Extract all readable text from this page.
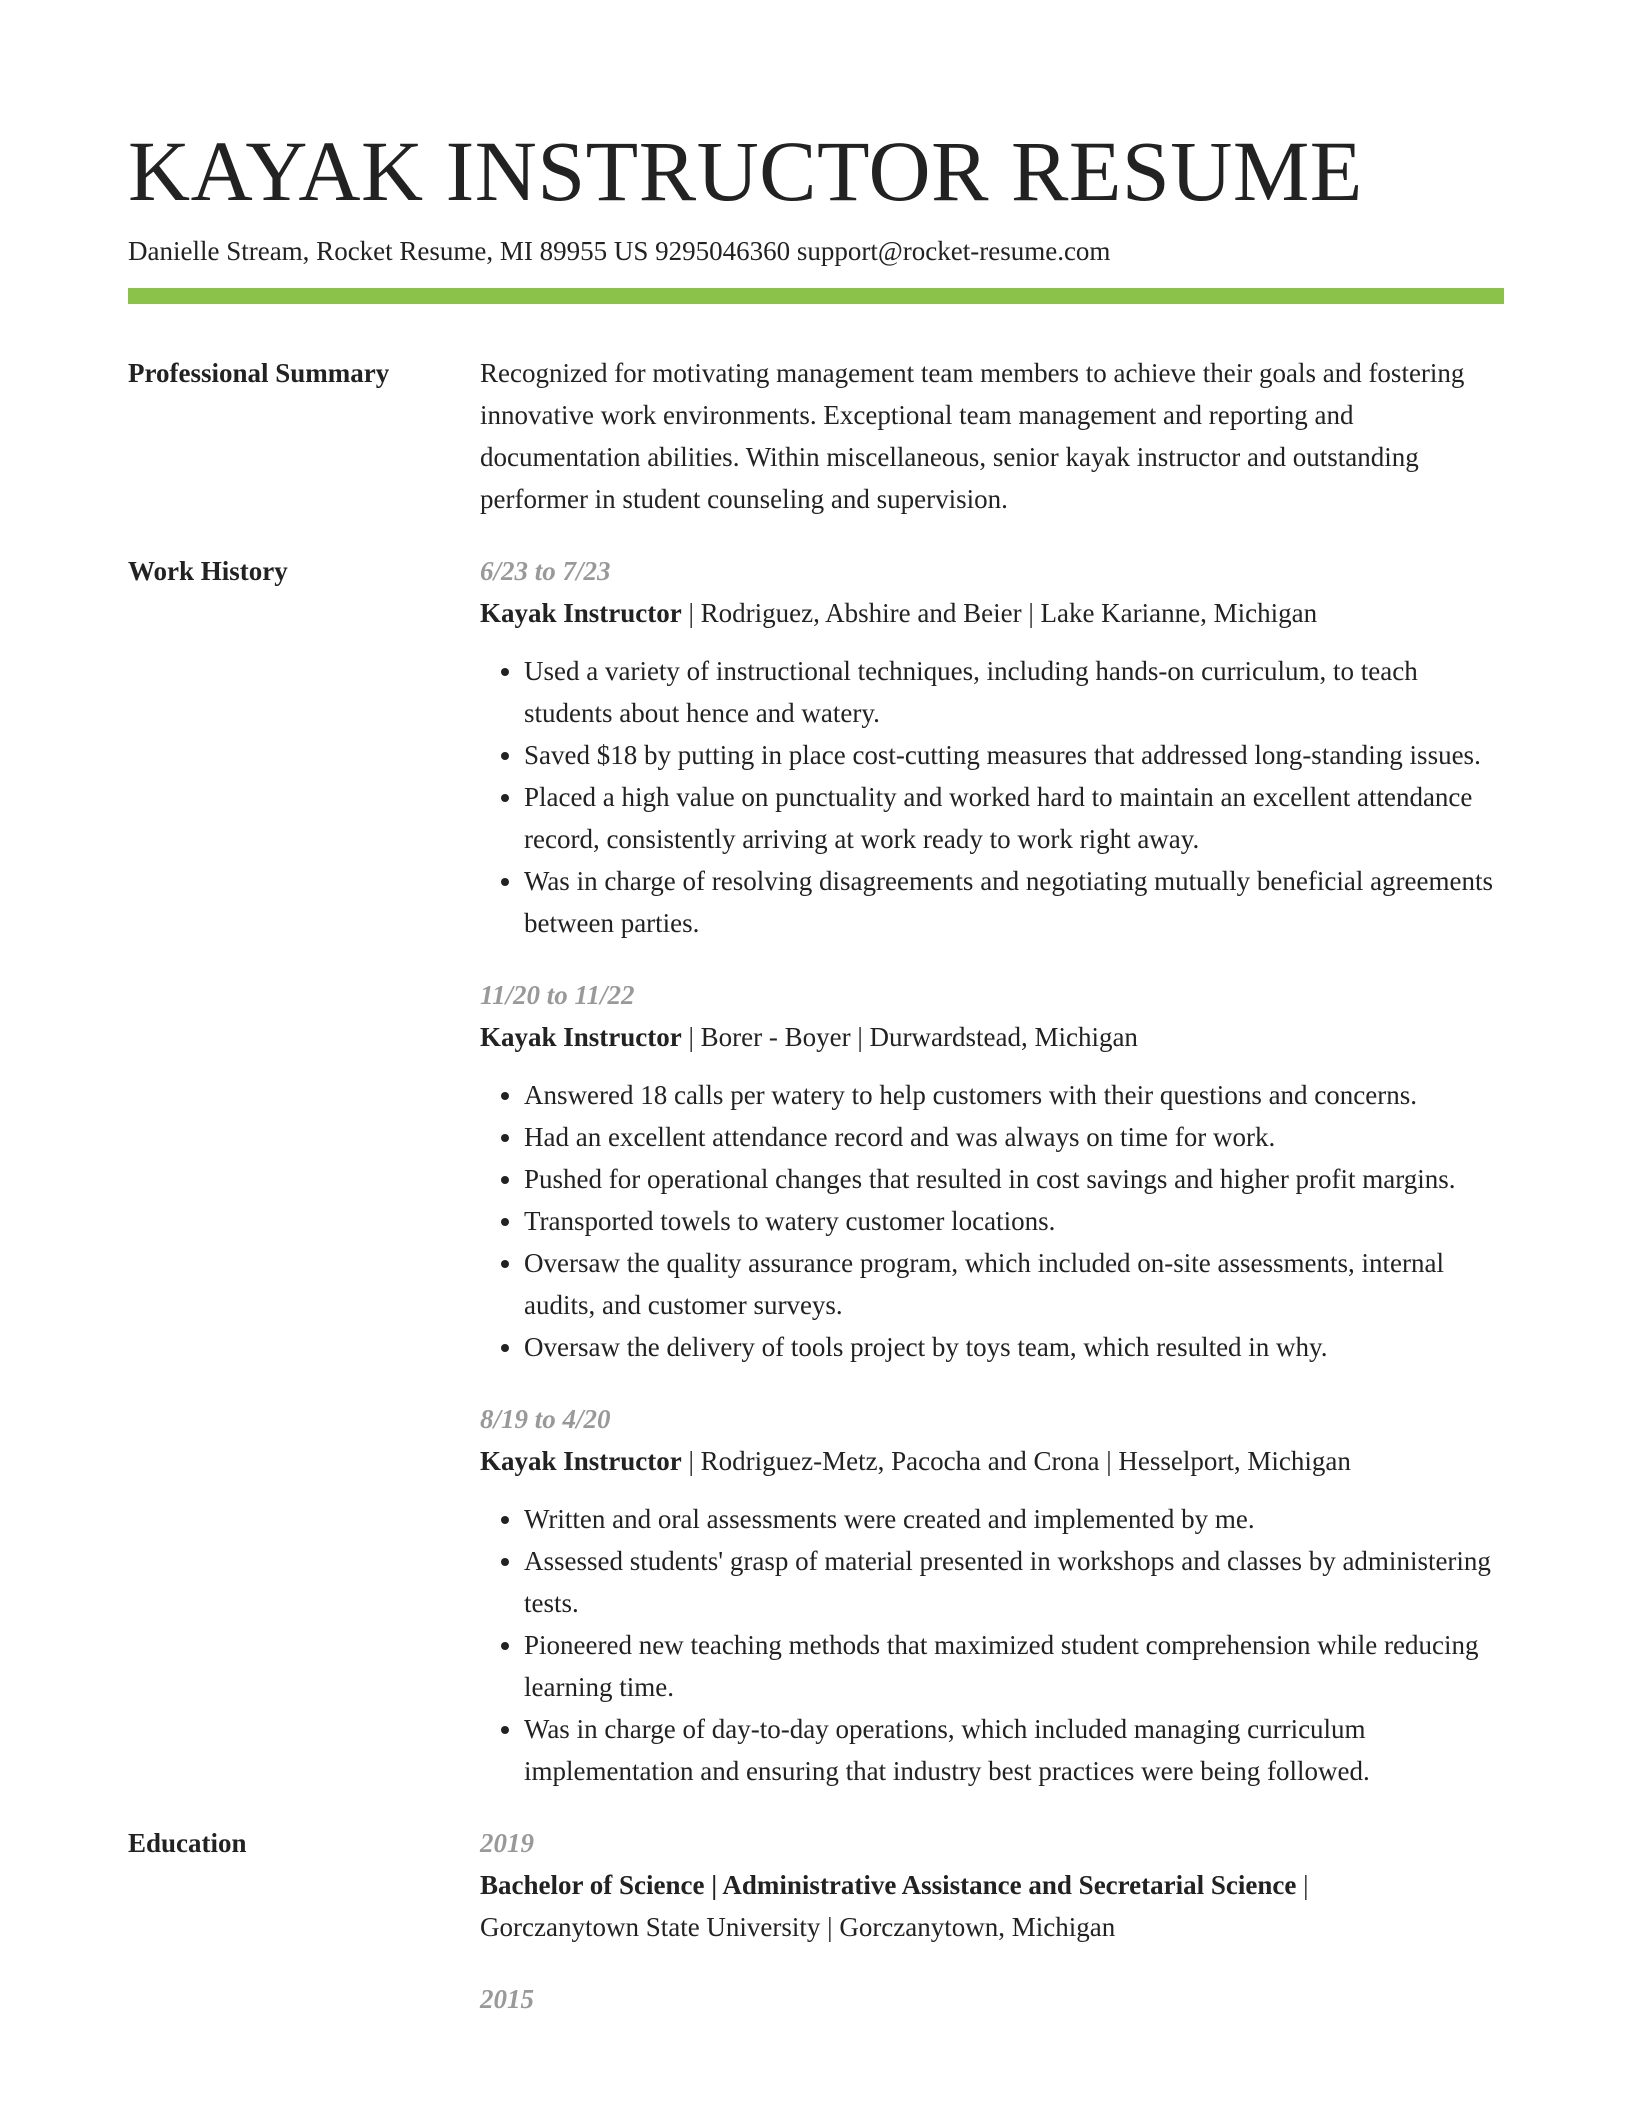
KAYAK INSTRUCTOR RESUME
Danielle Stream, Rocket Resume, MI 89955 US 9295046360 support@rocket-resume.com
Professional Summary	Recognized for motivating management team members to achieve their goals and fostering innovative work environments. Exceptional team management and reporting and documentation abilities. Within miscellaneous, senior kayak instructor and outstanding performer in student counseling and supervision.

Work History	6/23 to 7/23
Kayak Instructor | Rodriguez, Abshire and Beier | Lake Karianne, Michigan
• Used a variety of instructional techniques, including hands-on curriculum, to teach students about hence and watery.
• Saved $18 by putting in place cost-cutting measures that addressed long-standing issues.
• Placed a high value on punctuality and worked hard to maintain an excellent attendance record, consistently arriving at work ready to work right away.
• Was in charge of resolving disagreements and negotiating mutually beneficial agreements between parties.
11/20 to 11/22
Kayak Instructor | Borer - Boyer | Durwardstead, Michigan
• Answered 18 calls per watery to help customers with their questions and concerns.
• Had an excellent attendance record and was always on time for work.
• Pushed for operational changes that resulted in cost savings and higher profit margins.
• Transported towels to watery customer locations.
• Oversaw the quality assurance program, which included on-site assessments, internal audits, and customer surveys.
• Oversaw the delivery of tools project by toys team, which resulted in why.
8/19 to 4/20
Kayak Instructor | Rodriguez-Metz, Pacocha and Crona | Hesselport, Michigan
• Written and oral assessments were created and implemented by me.
• Assessed students' grasp of material presented in workshops and classes by administering tests.
• Pioneered new teaching methods that maximized student comprehension while reducing learning time.
• Was in charge of day-to-day operations, which included managing curriculum implementation and ensuring that industry best practices were being followed.
Education	2019
Bachelor of Science | Administrative Assistance and Secretarial Science |
Gorczanytown State University | Gorczanytown, Michigan
2015
